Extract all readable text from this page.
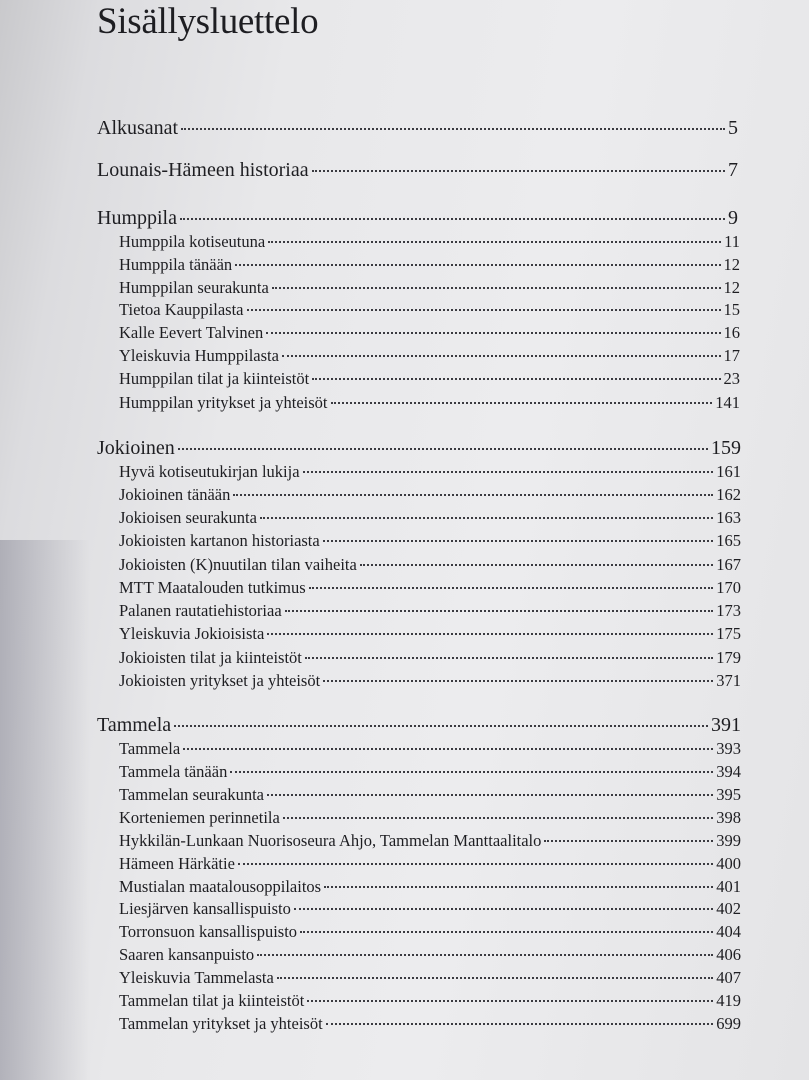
Sisällysluettelo
Alkusanat	5
Lounais-Hämeen historiaa	7
Humppila	9
Humppila kotiseutuna	11
Humppila tänään	12
Humppilan seurakunta	12
Tietoa Kauppilasta	15
Kalle Eevert Talvinen	16
Yleiskuvia Humppilasta	17
Humppilan tilat ja kiinteistöt	23
Humppilan yritykset ja yhteisöt	141
Jokioinen	159
Hyvä kotiseutukirjan lukija	161
Jokioinen tänään	162
Jokioisen seurakunta	163
Jokioisten kartanon historiasta	165
Jokioisten (K)nuutilan tilan vaiheita	167
MTT Maatalouden tutkimus	170
Palanen rautatiehistoriaa	173
Yleiskuvia Jokioisista	175
Jokioisten tilat ja kiinteistöt	179
Jokioisten yritykset ja yhteisöt	371
Tammela	391
Tammela	393
Tammela tänään	394
Tammelan seurakunta	395
Korteniemen perinnetila	398
Hykkilän-Lunkaan Nuorisoseura Ahjo, Tammelan Manttaalitalo	399
Hämeen Härkätie	400
Mustialan maatalousoppilaitos	401
Liesjärven kansallispuisto	402
Torronsuon kansallispuisto	404
Saaren kansanpuisto	406
Yleiskuvia Tammelasta	407
Tammelan tilat ja kiinteistöt	419
Tammelan yritykset ja yhteisöt	699
